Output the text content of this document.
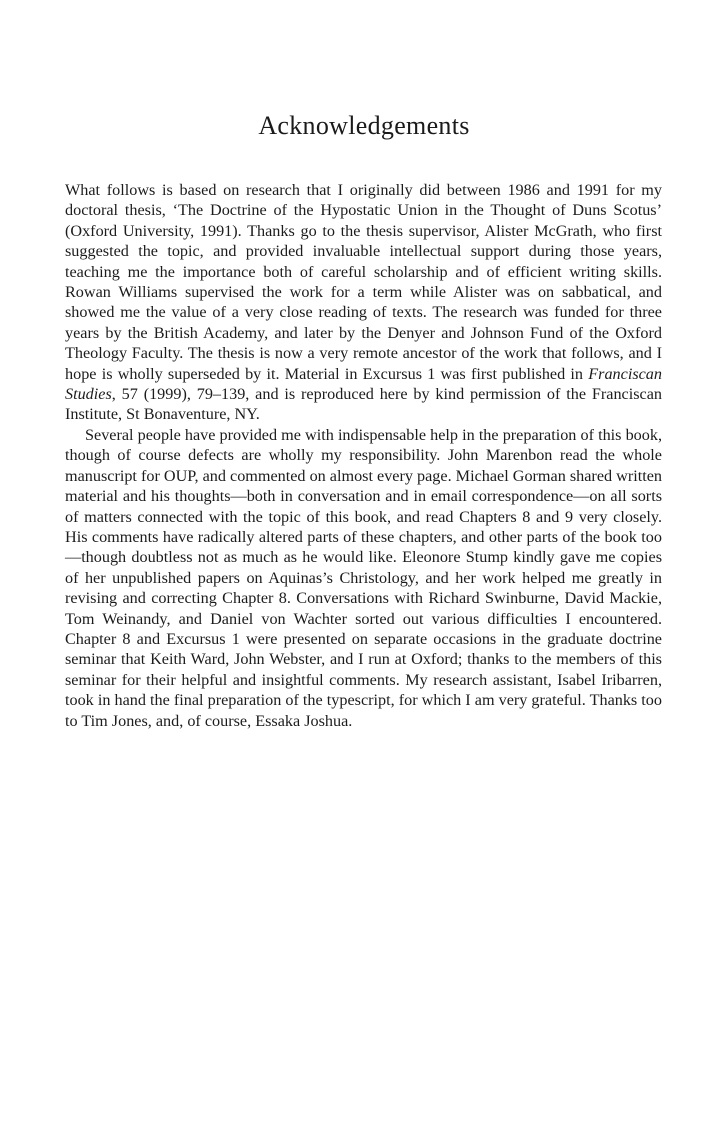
Acknowledgements

What follows is based on research that I originally did between 1986 and 1991 for my doctoral thesis, ‘The Doctrine of the Hypostatic Union in the Thought of Duns Scotus’ (Oxford University, 1991). Thanks go to the thesis supervisor, Alister McGrath, who first suggested the topic, and provided invaluable intellectual support during those years, teaching me the importance both of careful scholarship and of efficient writing skills. Rowan Williams supervised the work for a term while Alister was on sabbatical, and showed me the value of a very close reading of texts. The research was funded for three years by the British Academy, and later by the Denyer and Johnson Fund of the Oxford Theology Faculty. The thesis is now a very remote ancestor of the work that follows, and I hope is wholly superseded by it. Material in Excursus 1 was first published in Franciscan Studies, 57 (1999), 79–139, and is reproduced here by kind permission of the Franciscan Institute, St Bonaventure, NY.

Several people have provided me with indispensable help in the preparation of this book, though of course defects are wholly my responsibility. John Marenbon read the whole manuscript for OUP, and commented on almost every page. Michael Gorman shared written material and his thoughts—both in conversation and in email correspondence—on all sorts of matters connected with the topic of this book, and read Chapters 8 and 9 very closely. His comments have radically altered parts of these chapters, and other parts of the book too—though doubtless not as much as he would like. Eleonore Stump kindly gave me copies of her unpublished papers on Aquinas’s Christology, and her work helped me greatly in revising and correcting Chapter 8. Conversations with Richard Swinburne, David Mackie, Tom Weinandy, and Daniel von Wachter sorted out various difficulties I encountered. Chapter 8 and Excursus 1 were presented on separate occasions in the graduate doctrine seminar that Keith Ward, John Webster, and I run at Oxford; thanks to the members of this seminar for their helpful and insightful comments. My research assistant, Isabel Iribarren, took in hand the final preparation of the typescript, for which I am very grateful. Thanks too to Tim Jones, and, of course, Essaka Joshua.
